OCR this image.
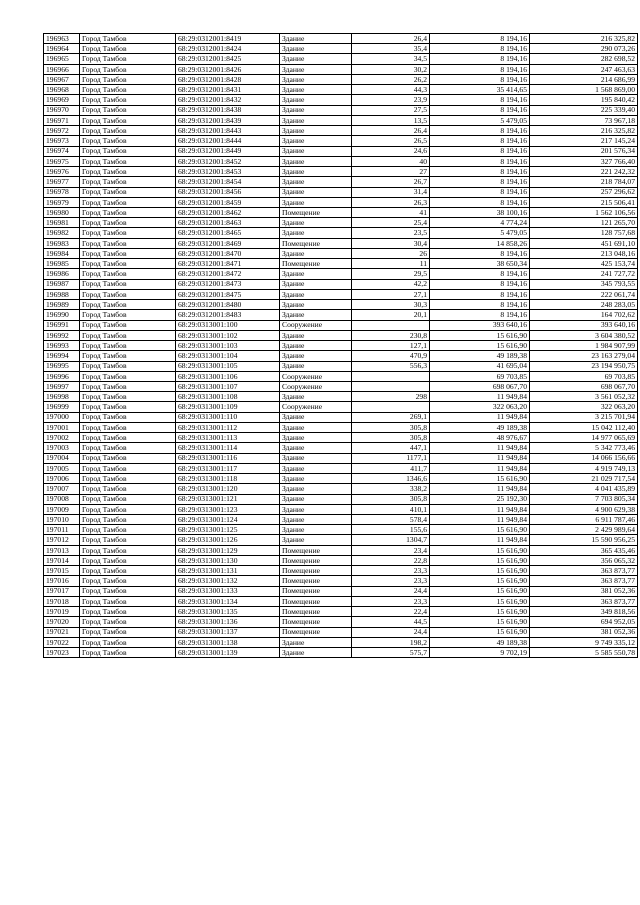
196963	Город Тамбов	68:29:0312001:8419	Здание	26,4	8 194,16	216 325,82
196964	Город Тамбов	68:29:0312001:8424	Здание	35,4	8 194,16	290 073,26
196965	Город Тамбов	68:29:0312001:8425	Здание	34,5	8 194,16	282 698,52
196966	Город Тамбов	68:29:0312001:8426	Здание	30,2	8 194,16	247 463,63
196967	Город Тамбов	68:29:0312001:8428	Здание	26,2	8 194,16	214 686,99
196968	Город Тамбов	68:29:0312001:8431	Здание	44,3	35 414,65	1 568 869,00
196969	Город Тамбов	68:29:0312001:8432	Здание	23,9	8 194,16	195 840,42
196970	Город Тамбов	68:29:0312001:8438	Здание	27,5	8 194,16	225 339,40
196971	Город Тамбов	68:29:0312001:8439	Здание	13,5	5 479,05	73 967,18
196972	Город Тамбов	68:29:0312001:8443	Здание	26,4	8 194,16	216 325,82
196973	Город Тамбов	68:29:0312001:8444	Здание	26,5	8 194,16	217 145,24
196974	Город Тамбов	68:29:0312001:8449	Здание	24,6	8 194,16	201 576,34
196975	Город Тамбов	68:29:0312001:8452	Здание	40	8 194,16	327 766,40
196976	Город Тамбов	68:29:0312001:8453	Здание	27	8 194,16	221 242,32
196977	Город Тамбов	68:29:0312001:8454	Здание	26,7	8 194,16	218 784,07
196978	Город Тамбов	68:29:0312001:8456	Здание	31,4	8 194,16	257 296,62
196979	Город Тамбов	68:29:0312001:8459	Здание	26,3	8 194,16	215 506,41
196980	Город Тамбов	68:29:0312001:8462	Помещение	41	38 100,16	1 562 106,56
196981	Город Тамбов	68:29:0312001:8463	Здание	25,4	4 774,24	121 265,70
196982	Город Тамбов	68:29:0312001:8465	Здание	23,5	5 479,05	128 757,68
196983	Город Тамбов	68:29:0312001:8469	Помещение	30,4	14 858,26	451 691,10
196984	Город Тамбов	68:29:0312001:8470	Здание	26	8 194,16	213 048,16
196985	Город Тамбов	68:29:0312001:8471	Помещение	11	38 650,34	425 153,74
196986	Город Тамбов	68:29:0312001:8472	Здание	29,5	8 194,16	241 727,72
196987	Город Тамбов	68:29:0312001:8473	Здание	42,2	8 194,16	345 793,55
196988	Город Тамбов	68:29:0312001:8475	Здание	27,1	8 194,16	222 061,74
196989	Город Тамбов	68:29:0312001:8480	Здание	30,3	8 194,16	248 283,05
196990	Город Тамбов	68:29:0312001:8483	Здание	20,1	8 194,16	164 702,62
196991	Город Тамбов	68:29:0313001:100	Сооружение		393 640,16	393 640,16
196992	Город Тамбов	68:29:0313001:102	Здание	230,8	15 616,90	3 604 380,52
196993	Город Тамбов	68:29:0313001:103	Здание	127,1	15 616,90	1 984 907,99
196994	Город Тамбов	68:29:0313001:104	Здание	470,9	49 189,38	23 163 279,04
196995	Город Тамбов	68:29:0313001:105	Здание	556,3	41 695,04	23 194 950,75
196996	Город Тамбов	68:29:0313001:106	Сооружение		69 703,85	69 703,85
196997	Город Тамбов	68:29:0313001:107	Сооружение		698 067,70	698 067,70
196998	Город Тамбов	68:29:0313001:108	Здание	298	11 949,84	3 561 052,32
196999	Город Тамбов	68:29:0313001:109	Сооружение		322 063,20	322 063,20
197000	Город Тамбов	68:29:0313001:110	Здание	269,1	11 949,84	3 215 701,94
197001	Город Тамбов	68:29:0313001:112	Здание	305,8	49 189,38	15 042 112,40
197002	Город Тамбов	68:29:0313001:113	Здание	305,8	48 976,67	14 977 065,69
197003	Город Тамбов	68:29:0313001:114	Здание	447,1	11 949,84	5 342 773,46
197004	Город Тамбов	68:29:0313001:116	Здание	1177,1	11 949,84	14 066 156,66
197005	Город Тамбов	68:29:0313001:117	Здание	411,7	11 949,84	4 919 749,13
197006	Город Тамбов	68:29:0313001:118	Здание	1346,6	15 616,90	21 029 717,54
197007	Город Тамбов	68:29:0313001:120	Здание	338,2	11 949,84	4 041 435,89
197008	Город Тамбов	68:29:0313001:121	Здание	305,8	25 192,30	7 703 805,34
197009	Город Тамбов	68:29:0313001:123	Здание	410,1	11 949,84	4 900 629,38
197010	Город Тамбов	68:29:0313001:124	Здание	578,4	11 949,84	6 911 787,46
197011	Город Тамбов	68:29:0313001:125	Здание	155,6	15 616,90	2 429 989,64
197012	Город Тамбов	68:29:0313001:126	Здание	1304,7	11 949,84	15 590 956,25
197013	Город Тамбов	68:29:0313001:129	Помещение	23,4	15 616,90	365 435,46
197014	Город Тамбов	68:29:0313001:130	Помещение	22,8	15 616,90	356 065,32
197015	Город Тамбов	68:29:0313001:131	Помещение	23,3	15 616,90	363 873,77
197016	Город Тамбов	68:29:0313001:132	Помещение	23,3	15 616,90	363 873,77
197017	Город Тамбов	68:29:0313001:133	Помещение	24,4	15 616,90	381 052,36
197018	Город Тамбов	68:29:0313001:134	Помещение	23,3	15 616,90	363 873,77
197019	Город Тамбов	68:29:0313001:135	Помещение	22,4	15 616,90	349 818,56
197020	Город Тамбов	68:29:0313001:136	Помещение	44,5	15 616,90	694 952,05
197021	Город Тамбов	68:29:0313001:137	Помещение	24,4	15 616,90	381 052,36
197022	Город Тамбов	68:29:0313001:138	Здание	198,2	49 189,38	9 749 335,12
197023	Город Тамбов	68:29:0313001:139	Здание	575,7	9 702,19	5 585 550,78
